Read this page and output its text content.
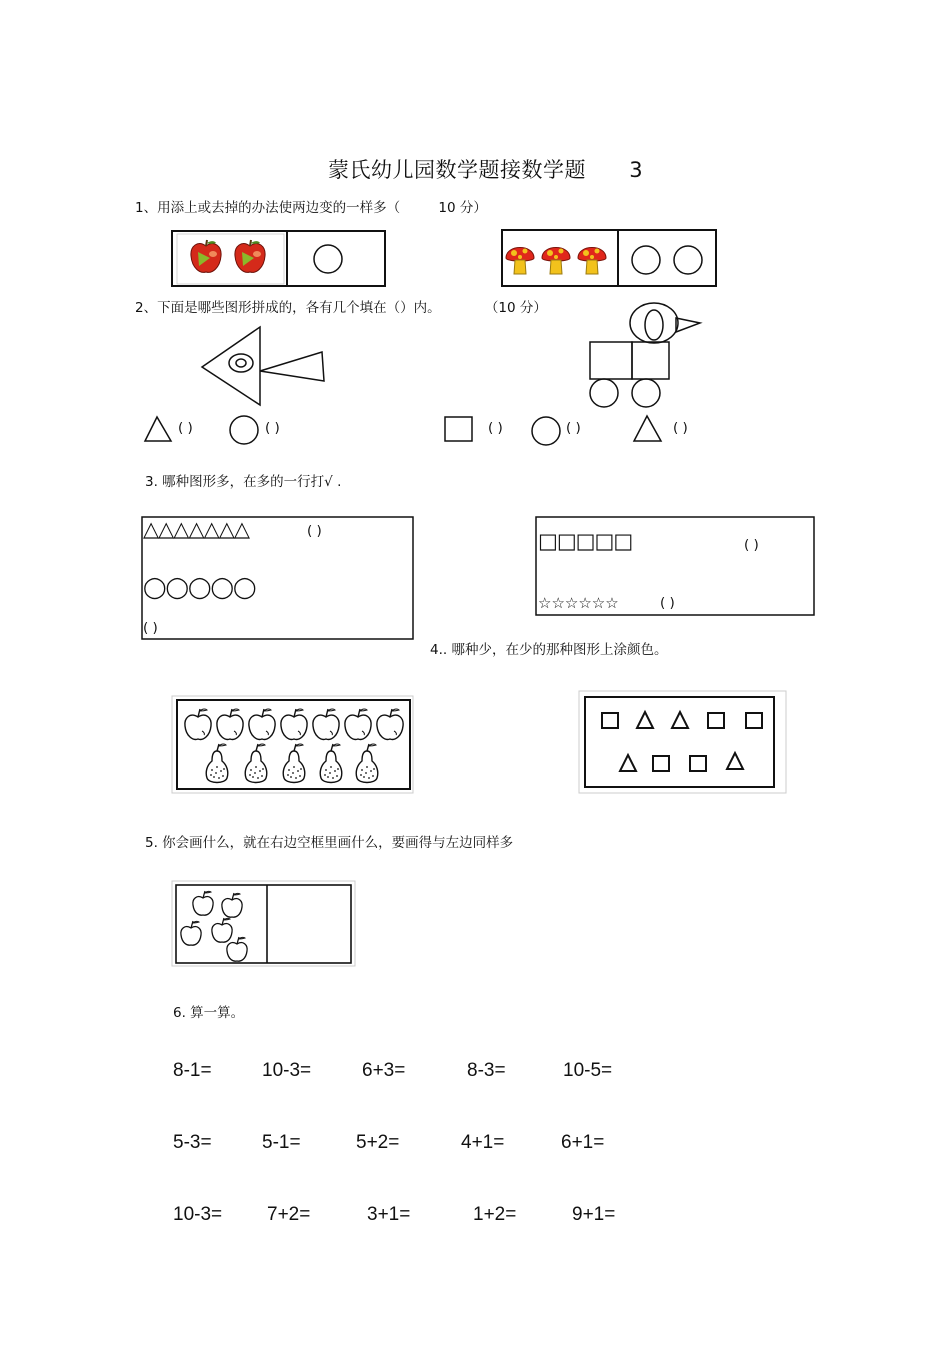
蒙氏幼儿园数学题接数学题 3
1、用添上或去掉的办法使两边变的一样多（	10 分）
2、下面是哪些图形拼成的，各有几个填在（）内。	（10 分）
3. 哪种图形多，在多的一行打√ .
4.. 哪种少，在少的那种图形上涂颜色。
5. 你会画什么，就在右边空框里画什么，要画得与左边同样多
6. 算一算。
( )	( )	( )	( )	( )
△△△△△△△	( )
◯◯◯◯◯
( )
□□□□□	( )
☆☆☆☆☆☆	( )
8-1=	10-3=	6+3=	8-3=	10-5=
5-3=	5-1=	5+2=	4+1=	6+1=
10-3= 7+2=	3+1=	1+2=	9+1=
